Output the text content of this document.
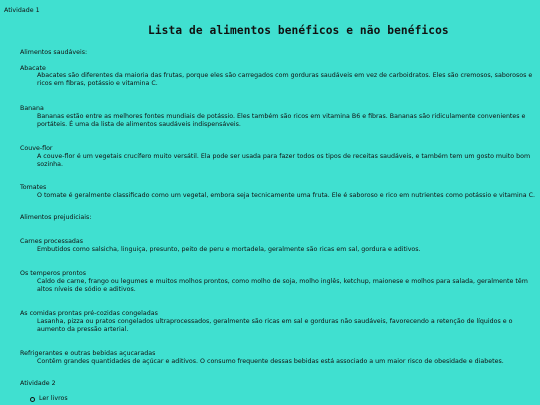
Atividade 1
Lista de alimentos benéficos e não benéficos
Alimentos saudáveis:
Abacate
Abacates são diferentes da maioria das frutas, porque eles são carregados com gorduras saudáveis em vez de carboidratos. Eles são cremosos, saborosos e ricos em fibras, potássio e vitamina C.
Banana
Bananas estão entre as melhores fontes mundiais de potássio. Eles também são ricos em vitamina B6 e fibras. Bananas são ridiculamente convenientes e portáteis. É uma da lista de alimentos saudáveis indispensáveis.
Couve-flor
A couve-flor é um vegetais crucífero muito versátil. Ela pode ser usada para fazer todos os tipos de receitas saudáveis, e também tem um gosto muito bom sozinha.
Tomates
O tomate é geralmente classificado como um vegetal, embora seja tecnicamente uma fruta. Ele é saboroso e rico em nutrientes como potássio e vitamina C.
Alimentos prejudiciais:
Carnes processadas
Embutidos como salsicha, linguiça, presunto, peito de peru e mortadela, geralmente são ricas em sal, gordura e aditivos.
Os temperos prontos
Caldo de carne, frango ou legumes e muitos molhos prontos, como molho de soja, molho inglês, ketchup, maionese e molhos para salada, geralmente têm altos níveis de sódio e aditivos.
As comidas prontas pré-cozidas congeladas
Lasanha, pizza ou pratos congelados ultraprocessados, geralmente são ricas em sal e gorduras não saudáveis, favorecendo a retenção de líquidos e o aumento da pressão arterial.
Refrigerantes e outras bebidas açucaradas
Contêm grandes quantidades de açúcar e aditivos. O consumo frequente dessas bebidas está associado a um maior risco de obesidade e diabetes.
Atividade 2
Ler livros
